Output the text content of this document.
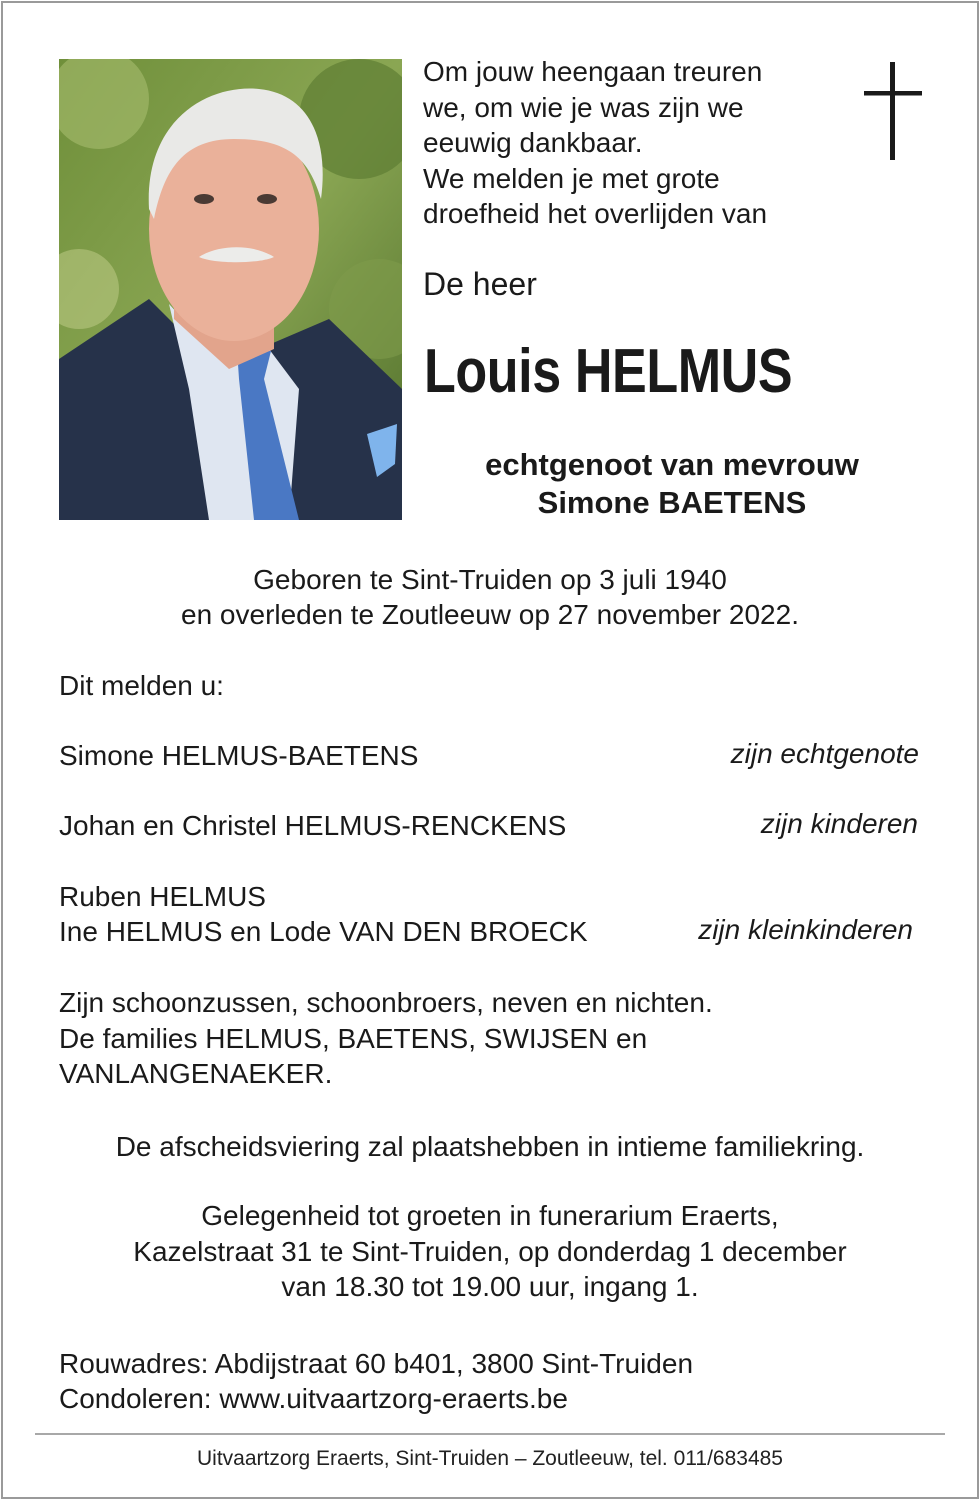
Om jouw heengaan treuren
we, om wie je was zijn we
eeuwig dankbaar.
We melden je met grote
droefheid het overlijden van
De heer
Louis HELMUS
echtgenoot van mevrouw
Simone BAETENS
Geboren te Sint-Truiden op 3 juli 1940
en overleden te Zoutleeuw op 27 november 2022.
Dit melden u:
Simone HELMUS-BAETENS	zijn echtgenote
Johan en Christel HELMUS-RENCKENS	zijn kinderen
Ruben HELMUS
Ine HELMUS en Lode VAN DEN BROECK	zijn kleinkinderen
Zijn schoonzussen, schoonbroers, neven en nichten.
De families HELMUS, BAETENS, SWIJSEN en
VANLANGENAEKER.
De afscheidsviering zal plaatshebben in intieme familiekring.
Gelegenheid tot groeten in funerarium Eraerts,
Kazelstraat 31 te Sint-Truiden, op donderdag 1 december
van 18.30 tot 19.00 uur, ingang 1.
Rouwadres: Abdijstraat 60 b401, 3800 Sint-Truiden
Condoleren: www.uitvaartzorg-eraerts.be
Uitvaartzorg Eraerts, Sint-Truiden – Zoutleeuw, tel. 011/683485
